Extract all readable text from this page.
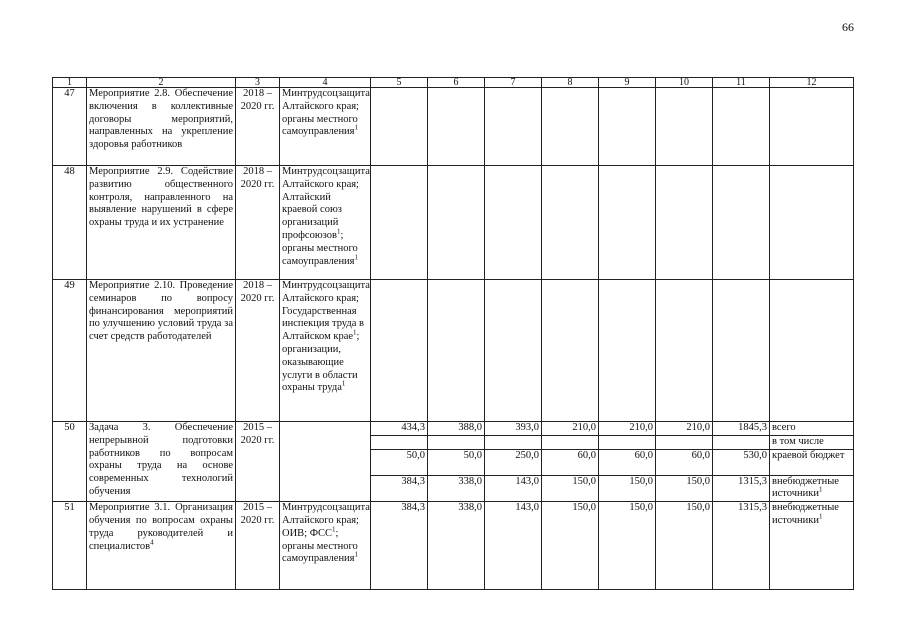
66
1	2	3	4	5	6	7	8	9	10	11	12
47	Мероприятие 2.8. Обеспечение включения в коллективные договоры мероприятий, направленных на укрепление здоровья работников	2018 – 2020 гг.	Минтрудсоцзащита Алтайского края; органы местного самоуправления$^1$								
48	Мероприятие 2.9. Содействие развитию общественного контроля, направленного на выявление нарушений в сфере охраны труда и их устранение	2018 – 2020 гг.	Минтрудсоцзащита Алтайского края; Алтайский краевой союз организаций профсоюзов$^1$; органы местного самоуправления$^1$								
49	Мероприятие 2.10. Проведение семинаров по вопросу финансирования мероприятий по улучшению условий труда за счет средств работодателей	2018 – 2020 гг.	Минтрудсоцзащита Алтайского края; Государственная инспекция труда в Алтайском крае$^1$; организации, оказывающие услуги в области охраны труда$^1$								
50	Задача 3. Обеспечение непрерывной подготовки работников по вопросам охраны труда на основе современных технологий обучения	2015 – 2020 гг.		434,3	388,0	393,0	210,0	210,0	210,0	1845,3	всего
											в том числе
				50,0	50,0	250,0	60,0	60,0	60,0	530,0	краевой бюджет
				384,3	338,0	143,0	150,0	150,0	150,0	1315,3	внебюджетные источники$^1$
51	Мероприятие 3.1. Организация обучения по вопросам охраны труда руководителей и специалистов$^4$	2015 – 2020 гг.	Минтрудсоцзащита Алтайского края; ОИВ; ФСС$^1$; органы местного самоуправления$^1$	384,3	338,0	143,0	150,0	150,0	150,0	1315,3	внебюджетные источники$^1$
